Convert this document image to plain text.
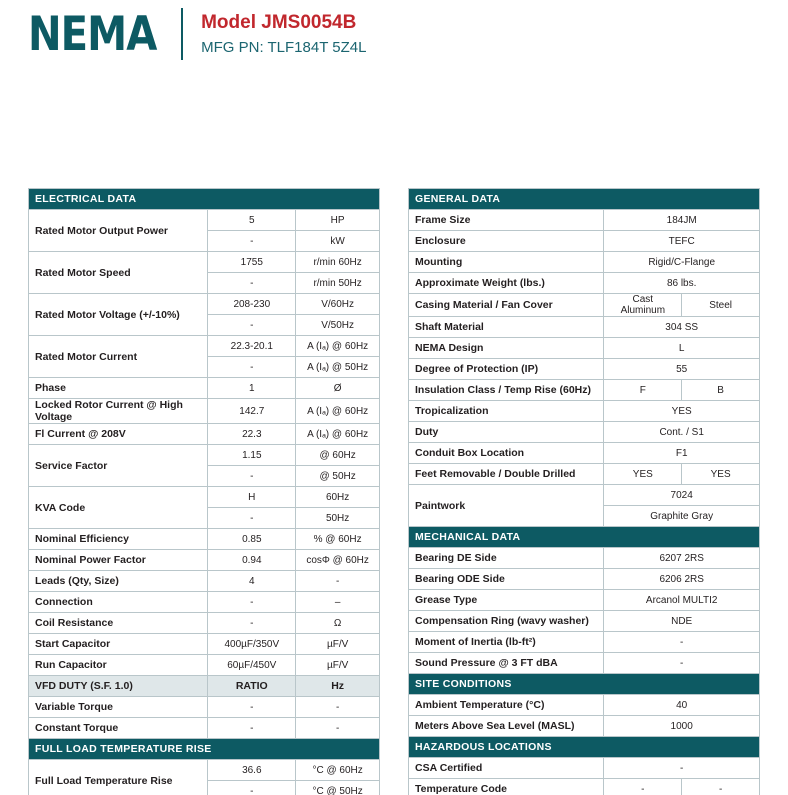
NEMA	Model JMS0054B
MFG PN: TLF184T 5Z4L
ELECTRICAL DATA		
Rated Motor Output Power	5	HP
	-	kW
Rated Motor Speed	1755	r/min 60Hz
	-	r/min 50Hz
Rated Motor Voltage (+/-10%)	208-230	V/60Hz
	-	V/50Hz
Rated Motor Current	22.3-20.1	A (Iₐ) @ 60Hz
	-	A (Iₐ) @ 50Hz
Phase	1	Ø
Locked Rotor Current @ High Voltage	142.7	A (Iₐ) @ 60Hz
Fl Current @ 208V	22.3	A (Iₐ) @ 60Hz
Service Factor	1.15	@ 60Hz
	-	@ 50Hz
KVA Code	H	60Hz
	-	50Hz
Nominal Efficiency	0.85	% @ 60Hz
Nominal Power Factor	0.94	cosΦ @ 60Hz
Leads (Qty, Size)	4	-
Connection	-	–
Coil Resistance	-	Ω
Start Capacitor	400µF/350V	µF/V
Run Capacitor	60µF/450V	µF/V
VFD DUTY (S.F. 1.0)	RATIO	Hz
Variable Torque	-	-
Constant Torque	-	-
FULL LOAD TEMPERATURE RISE		
Full Load Temperature Rise	36.6	°C @ 60Hz
	-	°C @ 50Hz
GENERAL DATA		
Frame Size	184JM	
Enclosure	TEFC	
Mounting	Rigid/C-Flange	
Approximate Weight (lbs.)	86 lbs.	
Casing Material / Fan Cover	Cast Aluminum	Steel
Shaft Material	304 SS	
NEMA Design	L	
Degree of Protection (IP)	55	
Insulation Class / Temp Rise (60Hz)	F	B
Tropicalization	YES	
Duty	Cont. / S1	
Conduit Box Location	F1	
Feet Removable / Double Drilled	YES	YES
Paintwork	7024	
	Graphite Gray	
MECHANICAL DATA		
Bearing DE Side	6207 2RS	
Bearing ODE Side	6206 2RS	
Grease Type	Arcanol MULTI2	
Compensation Ring (wavy washer)	NDE	
Moment of Inertia (lb-ft²)	-	
Sound Pressure @ 3 FT dBA	-	
SITE CONDITIONS		
Ambient Temperature (°C)	40	
Meters Above Sea Level (MASL)	1000	
HAZARDOUS LOCATIONS		
CSA Certified	-	
Temperature Code	-	-
